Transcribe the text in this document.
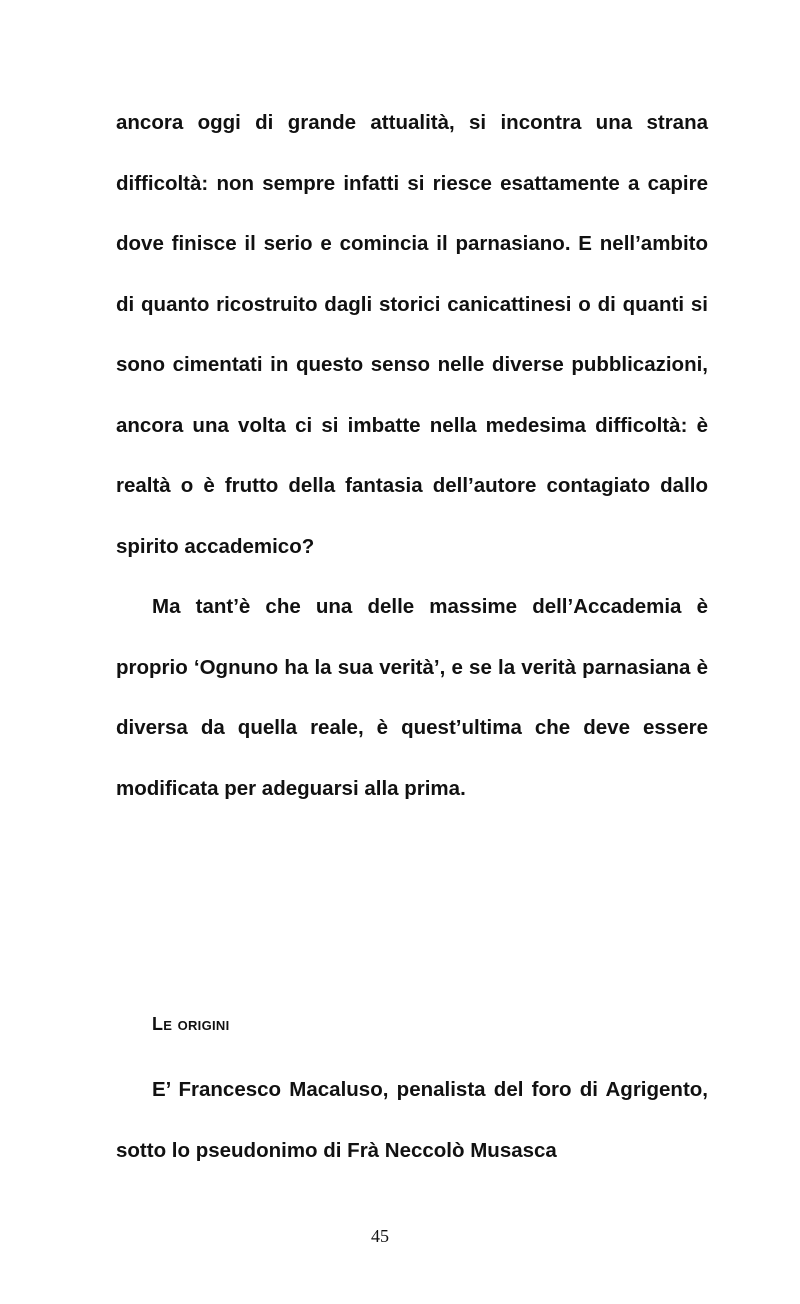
ancora oggi di grande attualità, si incontra una strana difficoltà: non sempre infatti si riesce esattamente a capire dove finisce il serio e comincia il parnasiano. E nell’ambito di quanto ricostruito dagli storici canicattinesi o di quanti si sono cimentati in questo senso nelle diverse pubblicazioni, ancora una volta ci si imbatte nella medesima difficoltà: è realtà o è frutto della fantasia dell’autore contagiato dallo spirito accademico?

Ma tant’è che una delle massime dell’Accademia è proprio ‘Ognuno ha la sua verità’, e se la verità parnasiana è diversa da quella reale, è quest’ultima che deve essere modificata per adeguarsi alla prima.

Le origini

E’ Francesco Macaluso, penalista del foro di Agrigento, sotto lo pseudonimo di Frà Neccolò Musasca

45
